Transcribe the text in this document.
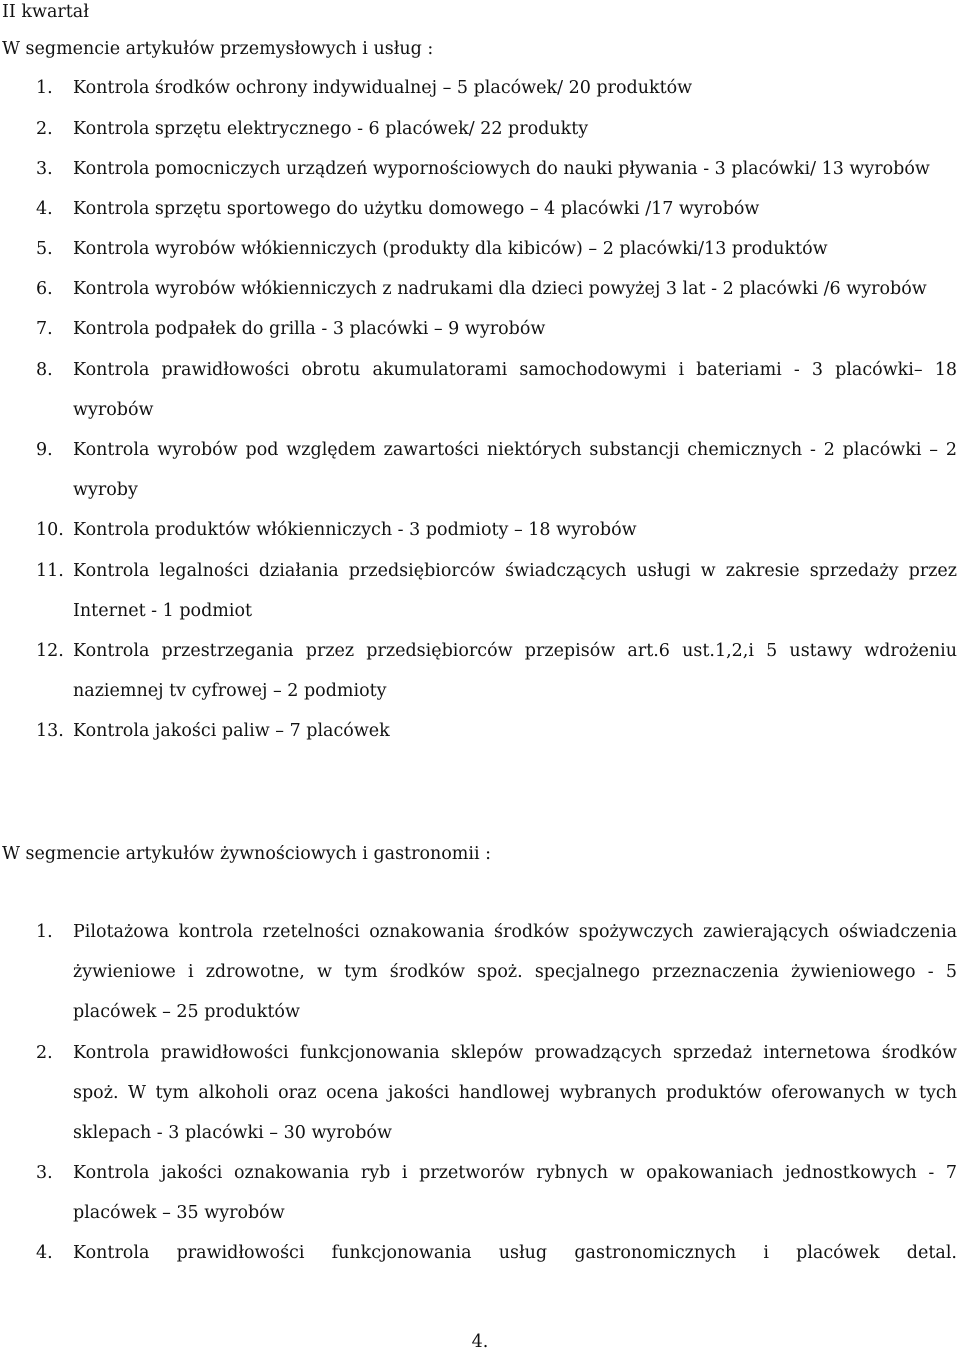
II kwartał
W segmencie artykułów przemysłowych i usług :
1. Kontrola środków ochrony indywidualnej – 5 placówek/ 20 produktów
2. Kontrola sprzętu elektrycznego - 6 placówek/ 22 produkty
3. Kontrola pomocniczych urządzeń wypornościowych do nauki pływania - 3 placówki/ 13 wyrobów
4. Kontrola sprzętu sportowego do użytku domowego – 4 placówki /17 wyrobów
5. Kontrola wyrobów włókienniczych (produkty dla kibiców) – 2 placówki/13 produktów
6. Kontrola wyrobów włókienniczych z nadrukami dla dzieci powyżej 3 lat - 2 placówki /6 wyrobów
7. Kontrola podpałek do grilla - 3 placówki – 9 wyrobów
8. Kontrola prawidłowości obrotu akumulatorami samochodowymi i bateriami - 3 placówki– 18 wyrobów
9. Kontrola wyrobów pod względem zawartości niektórych substancji chemicznych - 2 placówki – 2 wyroby
10. Kontrola produktów włókienniczych - 3 podmioty – 18 wyrobów
11. Kontrola legalności działania przedsiębiorców świadczących usługi w zakresie sprzedaży przez Internet - 1 podmiot
12. Kontrola przestrzegania przez przedsiębiorców przepisów art.6 ust.1,2,i 5 ustawy wdrożeniu naziemnej tv cyfrowej – 2 podmioty
13. Kontrola jakości paliw – 7 placówek
W segmencie artykułów żywnościowych i gastronomii :
1. Pilotażowa kontrola rzetelności oznakowania środków spożywczych zawierających oświadczenia żywieniowe i zdrowotne, w tym środków spoż. specjalnego przeznaczenia żywieniowego - 5 placówek – 25 produktów
2. Kontrola prawidłowości funkcjonowania sklepów prowadzących sprzedaż internetowa środków spoż. W tym alkoholi oraz ocena jakości handlowej wybranych produktów oferowanych w tych sklepach - 3 placówki – 30 wyrobów
3. Kontrola jakości oznakowania ryb i przetworów rybnych w opakowaniach jednostkowych - 7 placówek – 35 wyrobów
4. Kontrola prawidłowości funkcjonowania usług gastronomicznych i placówek detal.
4.
